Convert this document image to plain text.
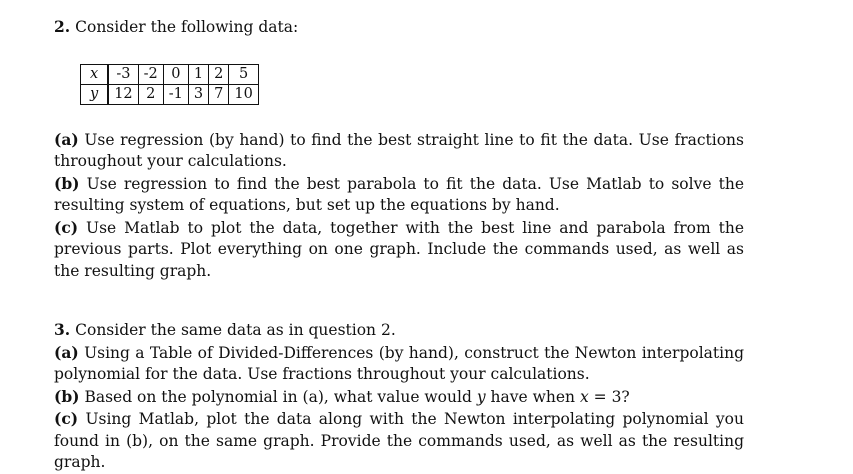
2. Consider the following data:

x	-3	-2	0	1	2	5
y	12	2	-1	3	7	10

(a) Use regression (by hand) to find the best straight line to fit the data. Use fractions throughout your calculations.

(b) Use regression to find the best parabola to fit the data. Use Matlab to solve the resulting system of equations, but set up the equations by hand.

(c) Use Matlab to plot the data, together with the best line and parabola from the previous parts. Plot everything on one graph. Include the commands used, as well as the resulting graph.

3. Consider the same data as in question 2.

(a) Using a Table of Divided-Differences (by hand), construct the Newton interpolating polynomial for the data. Use fractions throughout your calculations.

(b) Based on the polynomial in (a), what value would y have when x = 3?

(c) Using Matlab, plot the data along with the Newton interpolating polynomial you found in (b), on the same graph. Provide the commands used, as well as the resulting graph.
